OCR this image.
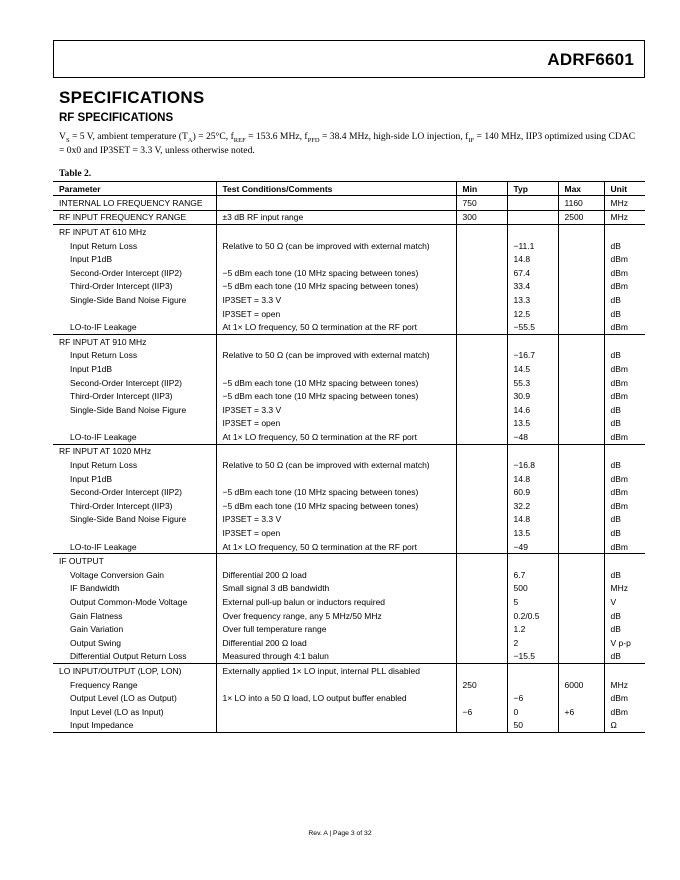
ADRF6601
SPECIFICATIONS
RF SPECIFICATIONS
$V_S = 5$ V, ambient temperature $(T_A) = 25^\circ C$, $f_{REF} = 153.6$ MHz, $f_{PFD} = 38.4$ MHz, high-side LO injection, $f_{IF} = 140$ MHz, IIP3 optimized using CDAC = 0x0 and IP3SET = 3.3 V, unless otherwise noted.
Table 2.
Parameter	Test Conditions/Comments	Min	Typ	Max	Unit
INTERNAL LO FREQUENCY RANGE		750		1160	MHz
RF INPUT FREQUENCY RANGE	±3 dB RF input range	300		2500	MHz
RF INPUT AT 610 MHz					
Input Return Loss	Relative to 50 Ω (can be improved with external match)		−11.1		dB
Input P1dB			14.8		dBm
Second-Order Intercept (IIP2)	−5 dBm each tone (10 MHz spacing between tones)		67.4		dBm
Third-Order Intercept (IIP3)	−5 dBm each tone (10 MHz spacing between tones)		33.4		dBm
Single-Side Band Noise Figure	IP3SET = 3.3 V		13.3		dB
	IP3SET = open		12.5		dB
LO-to-IF Leakage	At 1× LO frequency, 50 Ω termination at the RF port		−55.5		dBm
RF INPUT AT 910 MHz					
Input Return Loss	Relative to 50 Ω (can be improved with external match)		−16.7		dB
Input P1dB			14.5		dBm
Second-Order Intercept (IIP2)	−5 dBm each tone (10 MHz spacing between tones)		55.3		dBm
Third-Order Intercept (IIP3)	−5 dBm each tone (10 MHz spacing between tones)		30.9		dBm
Single-Side Band Noise Figure	IP3SET = 3.3 V		14.6		dB
	IP3SET = open		13.5		dB
LO-to-IF Leakage	At 1× LO frequency, 50 Ω termination at the RF port		−48		dBm
RF INPUT AT 1020 MHz					
Input Return Loss	Relative to 50 Ω (can be improved with external match)		−16.8		dB
Input P1dB			14.8		dBm
Second-Order Intercept (IIP2)	−5 dBm each tone (10 MHz spacing between tones)		60.9		dBm
Third-Order Intercept (IIP3)	−5 dBm each tone (10 MHz spacing between tones)		32.2		dBm
Single-Side Band Noise Figure	IP3SET = 3.3 V		14.8		dB
	IP3SET = open		13.5		dB
LO-to-IF Leakage	At 1× LO frequency, 50 Ω termination at the RF port		−49		dBm
IF OUTPUT					
Voltage Conversion Gain	Differential 200 Ω load		6.7		dB
IF Bandwidth	Small signal 3 dB bandwidth		500		MHz
Output Common-Mode Voltage	External pull-up balun or inductors required		5		V
Gain Flatness	Over frequency range, any 5 MHz/50 MHz		0.2/0.5		dB
Gain Variation	Over full temperature range		1.2		dB
Output Swing	Differential 200 Ω load		2		V p-p
Differential Output Return Loss	Measured through 4:1 balun		−15.5		dB
LO INPUT/OUTPUT (LOP, LON)	Externally applied 1× LO input, internal PLL disabled				
Frequency Range		250		6000	MHz
Output Level (LO as Output)	1× LO into a 50 Ω load, LO output buffer enabled		−6		dBm
Input Level (LO as Input)		−6	0	+6	dBm
Input Impedance			50		Ω
Rev. A | Page 3 of 32
